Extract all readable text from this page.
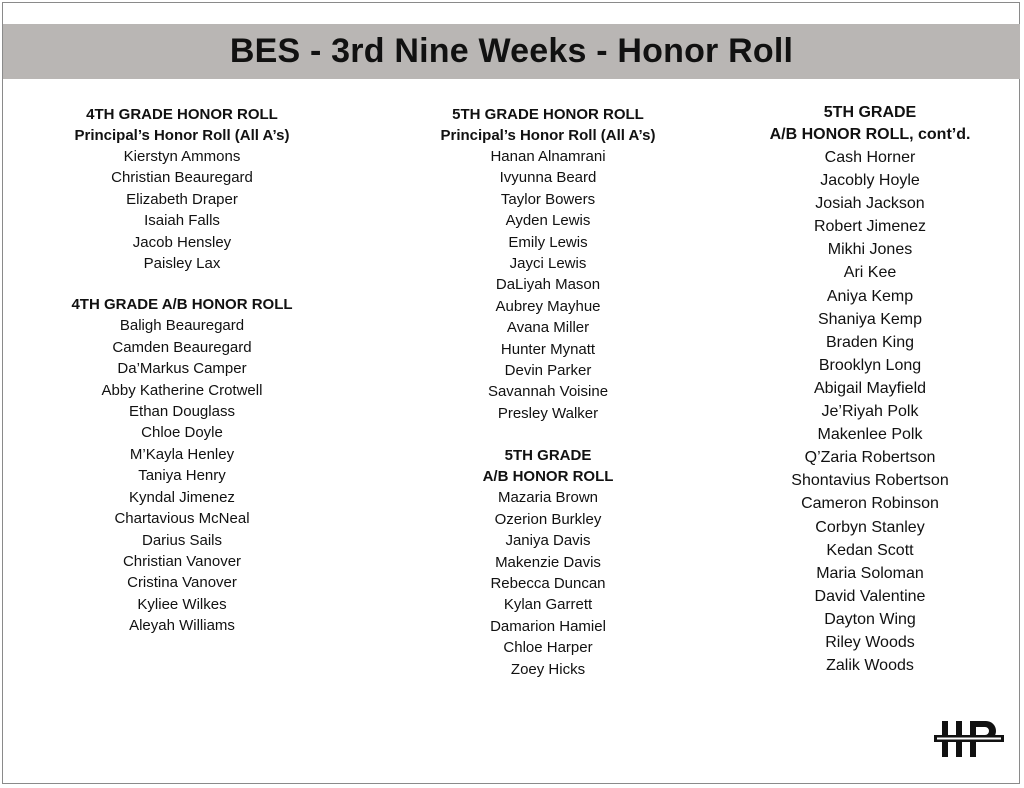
BES - 3rd Nine Weeks - Honor Roll

4TH GRADE HONOR ROLL

Principal’s Honor Roll (All A’s)

Kierstyn Ammons

Christian Beauregard

Elizabeth Draper

Isaiah Falls

Jacob Hensley

Paisley Lax

4TH GRADE A/B HONOR ROLL

Baligh Beauregard

Camden Beauregard

Da’Markus Camper

Abby Katherine Crotwell

Ethan Douglass

Chloe Doyle

M’Kayla Henley

Taniya Henry

Kyndal Jimenez

Chartavious McNeal

Darius Sails

Christian Vanover

Cristina Vanover

Kyliee Wilkes

Aleyah Williams

5TH GRADE HONOR ROLL

Principal’s Honor Roll (All A’s)

Hanan Alnamrani

Ivyunna Beard

Taylor Bowers

Ayden Lewis

Emily Lewis

Jayci Lewis

DaLiyah Mason

Aubrey Mayhue

Avana Miller

Hunter Mynatt

Devin Parker

Savannah Voisine

Presley Walker

5TH GRADE

A/B HONOR ROLL

Mazaria Brown

Ozerion Burkley

Janiya Davis

Makenzie Davis

Rebecca Duncan

Kylan Garrett

Damarion Hamiel

Chloe Harper

Zoey Hicks

5TH GRADE

A/B HONOR ROLL, cont’d.

Cash Horner

Jacobly Hoyle

Josiah Jackson

Robert Jimenez

Mikhi Jones

Ari Kee

Aniya Kemp

Shaniya Kemp

Braden King

Brooklyn Long

Abigail Mayfield

Je’Riyah Polk

Makenlee Polk

Q’Zaria Robertson

Shontavius Robertson

Cameron Robinson

Corbyn Stanley

Kedan Scott

Maria Soloman

David Valentine

Dayton Wing

Riley Woods

Zalik Woods
